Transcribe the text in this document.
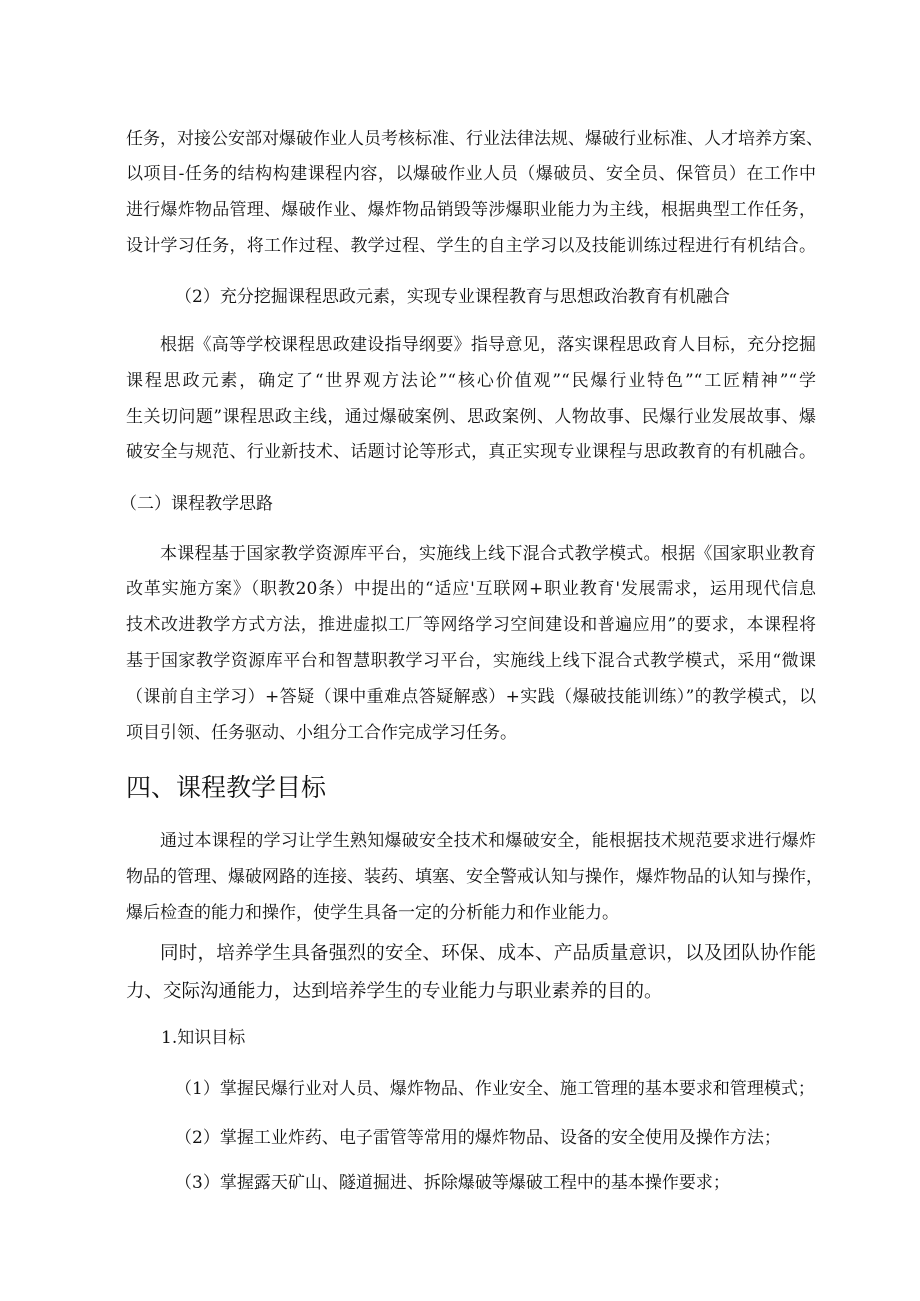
任务，对接公安部对爆破作业人员考核标准、行业法律法规、爆破行业标准、人才培养方案、
以项目-任务的结构构建课程内容，以爆破作业人员（爆破员、安全员、保管员）在工作中
进行爆炸物品管理、爆破作业、爆炸物品销毁等涉爆职业能力为主线，根据典型工作任务，
设计学习任务，将工作过程、教学过程、学生的自主学习以及技能训练过程进行有机结合。
（2）充分挖掘课程思政元素，实现专业课程教育与思想政治教育有机融合
根据《高等学校课程思政建设指导纲要》指导意见，落实课程思政育人目标，充分挖掘
课程思政元素，确定了“世界观方法论”“核心价值观”“民爆行业特色”“工匠精神”“学
生关切问题”课程思政主线，通过爆破案例、思政案例、人物故事、民爆行业发展故事、爆
破安全与规范、行业新技术、话题讨论等形式，真正实现专业课程与思政教育的有机融合。
（二）课程教学思路
本课程基于国家教学资源库平台，实施线上线下混合式教学模式。根据《国家职业教育
改革实施方案》（职教20条）中提出的“适应'互联网+职业教育'发展需求，运用现代信息
技术改进教学方式方法，推进虚拟工厂等网络学习空间建设和普遍应用”的要求，本课程将
基于国家教学资源库平台和智慧职教学习平台，实施线上线下混合式教学模式，采用“微课
（课前自主学习）+答疑（课中重难点答疑解惑）+实践（爆破技能训练）”的教学模式，以
项目引领、任务驱动、小组分工合作完成学习任务。
四、课程教学目标
通过本课程的学习让学生熟知爆破安全技术和爆破安全，能根据技术规范要求进行爆炸
物品的管理、爆破网路的连接、装药、填塞、安全警戒认知与操作，爆炸物品的认知与操作，
爆后检查的能力和操作，使学生具备一定的分析能力和作业能力。
同时，培养学生具备强烈的安全、环保、成本、产品质量意识，以及团队协作能
力、交际沟通能力，达到培养学生的专业能力与职业素养的目的。
1.知识目标
（1）掌握民爆行业对人员、爆炸物品、作业安全、施工管理的基本要求和管理模式；
（2）掌握工业炸药、电子雷管等常用的爆炸物品、设备的安全使用及操作方法；
（3）掌握露天矿山、隧道掘进、拆除爆破等爆破工程中的基本操作要求；
